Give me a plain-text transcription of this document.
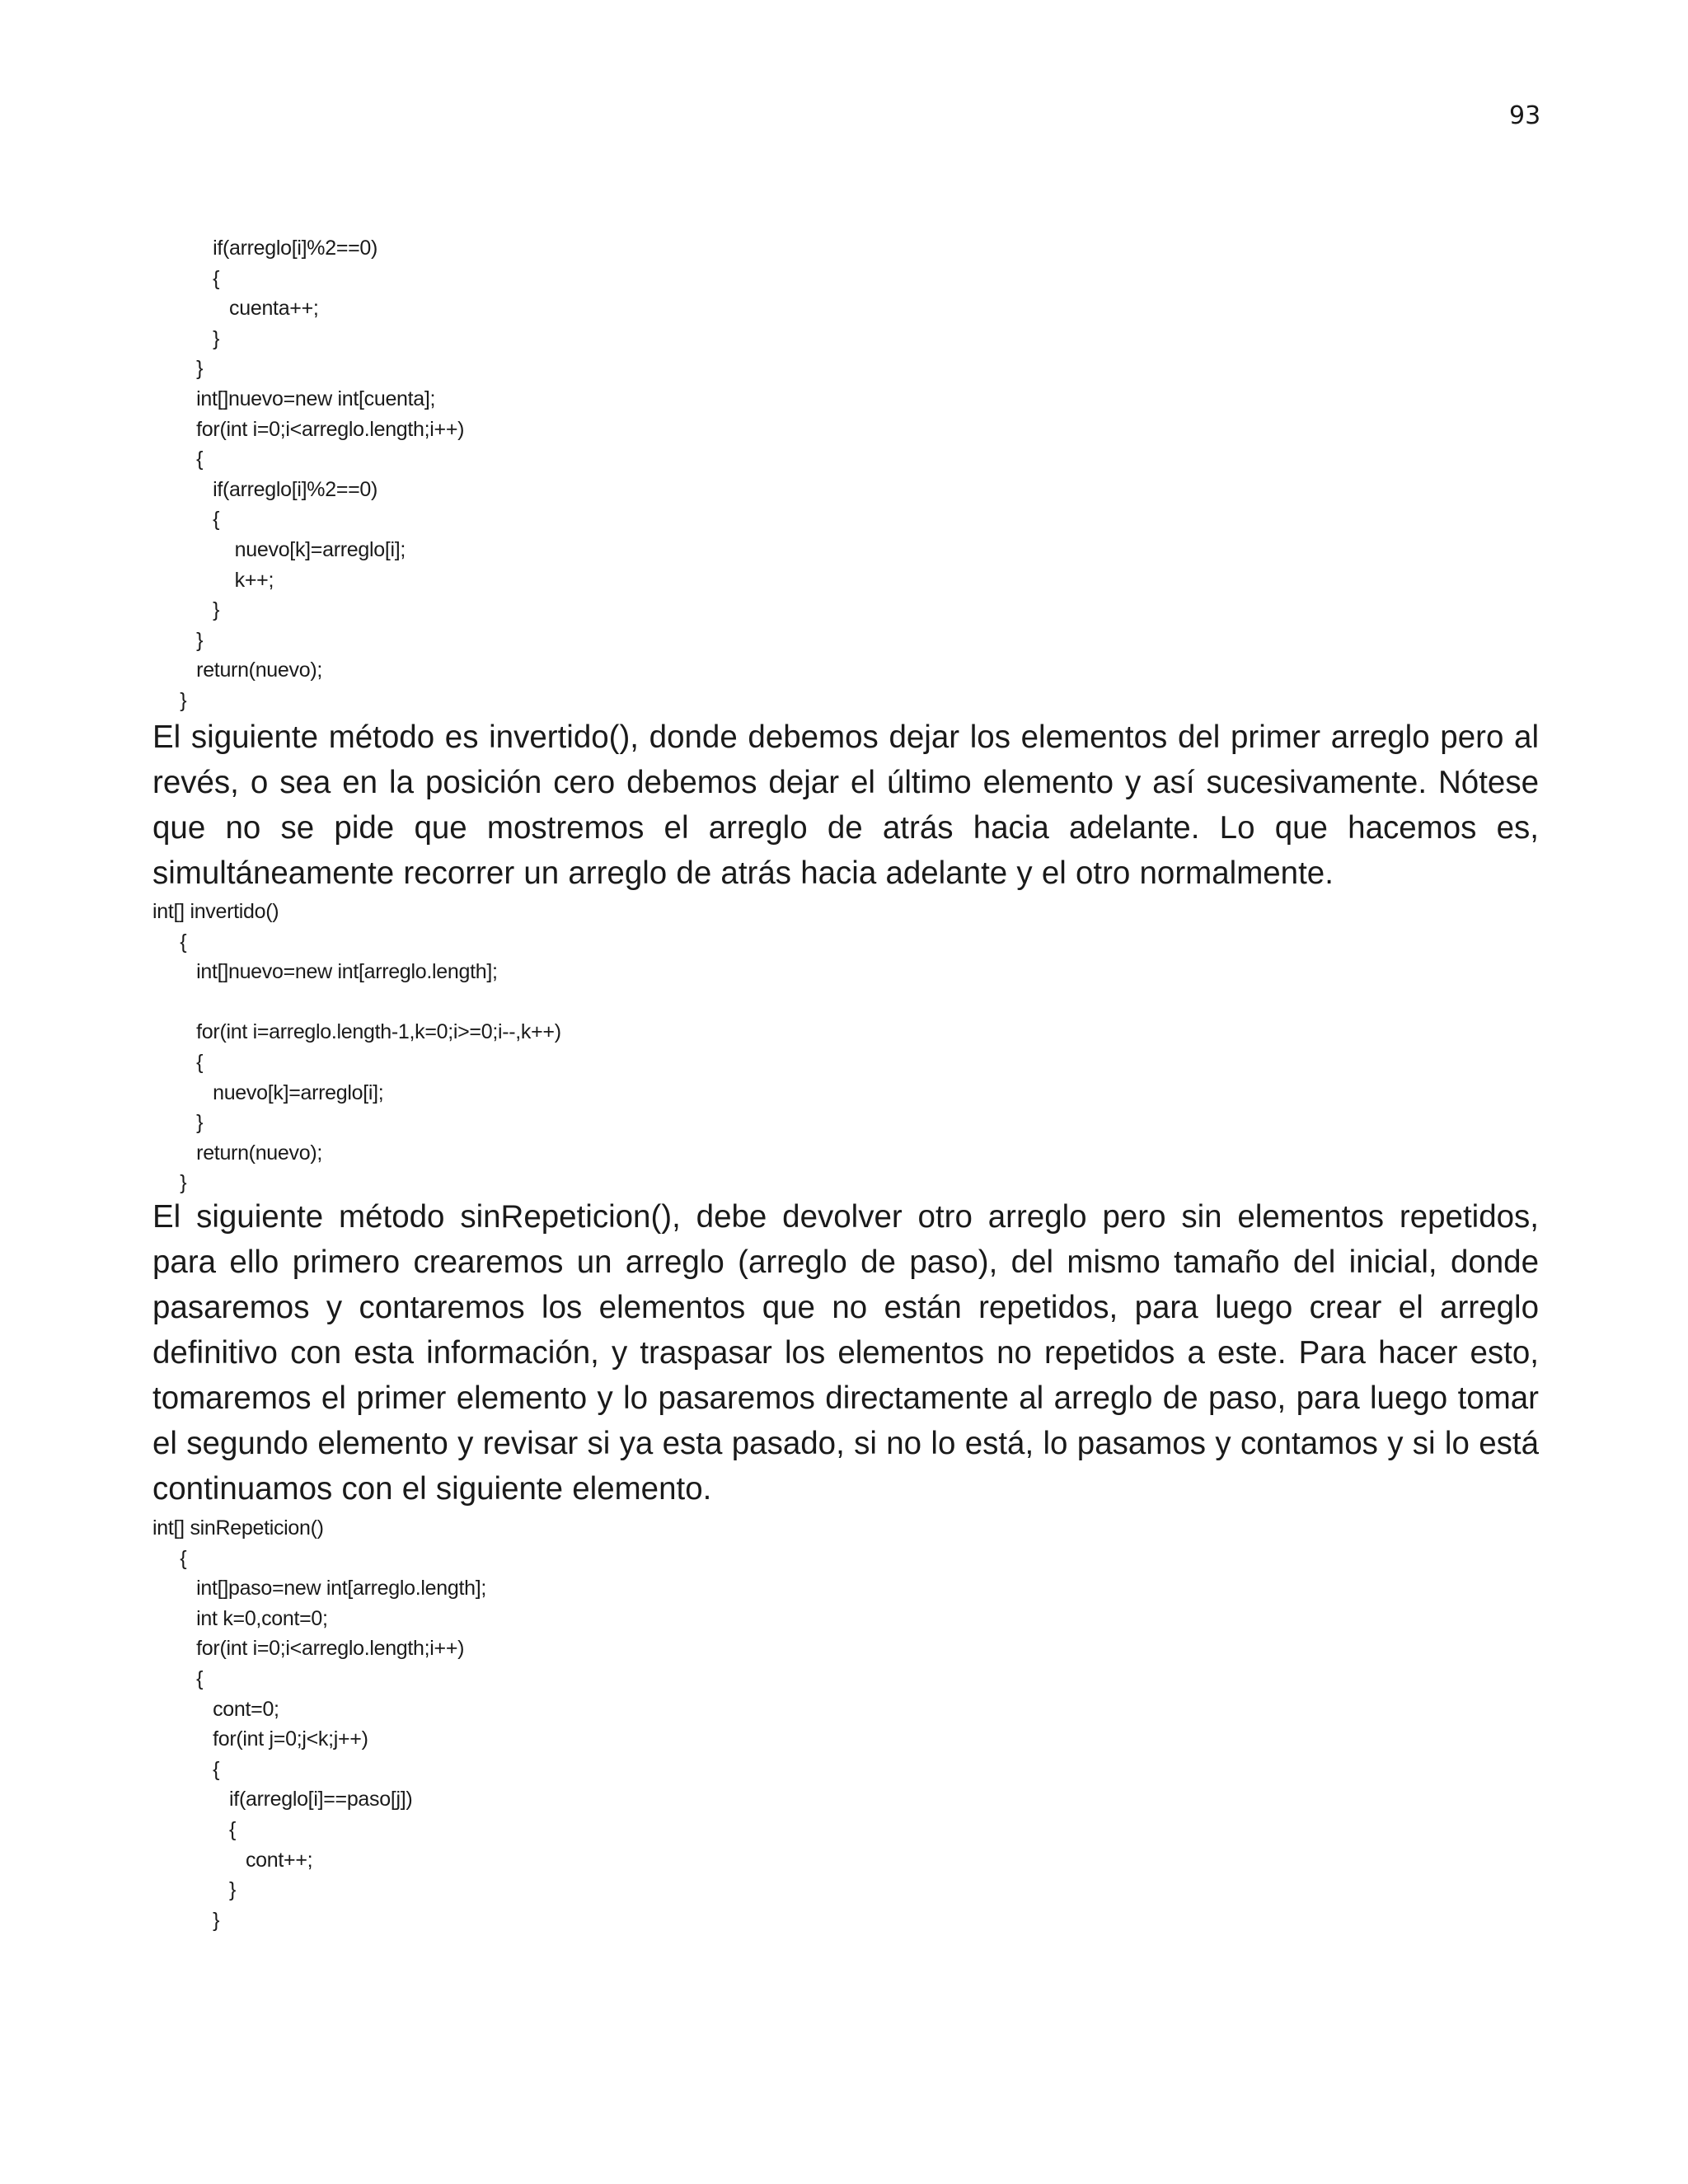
93
if(arreglo[i]%2==0)
{
cuenta++;
}
}
int[]nuevo=new int[cuenta];
for(int i=0;i<arreglo.length;i++)
{
if(arreglo[i]%2==0)
{
nuevo[k]=arreglo[i];
k++;
}
}
return(nuevo);
}

El siguiente método es invertido(), donde debemos dejar los elementos del primer arreglo pero al revés, o sea en la posición cero debemos dejar el último elemento y así sucesivamente. Nótese que no se pide que mostremos el arreglo de atrás hacia adelante. Lo que hacemos es, simultáneamente recorrer un arreglo de atrás hacia adelante y el otro normalmente.

int[] invertido()
{
int[]nuevo=new int[arreglo.length];
for(int i=arreglo.length-1,k=0;i>=0;i--,k++)
{
nuevo[k]=arreglo[i];
}
return(nuevo);
}

El siguiente método sinRepeticion(), debe devolver otro arreglo pero sin elementos repetidos, para ello primero crearemos un arreglo (arreglo de paso), del mismo tamaño del inicial, donde pasaremos y contaremos los elementos que no están repetidos, para luego crear el arreglo definitivo con esta información, y traspasar los elementos no repetidos a este. Para hacer esto, tomaremos el primer elemento y lo pasaremos directamente al arreglo de paso, para luego tomar el segundo elemento y revisar si ya esta pasado, si no lo está, lo pasamos y contamos y si lo está continuamos con el siguiente elemento.

int[] sinRepeticion()
{
int[]paso=new int[arreglo.length];
int k=0,cont=0;
for(int i=0;i<arreglo.length;i++)
{
cont=0;
for(int j=0;j<k;j++)
{
if(arreglo[i]==paso[j])
{
cont++;
}
}
